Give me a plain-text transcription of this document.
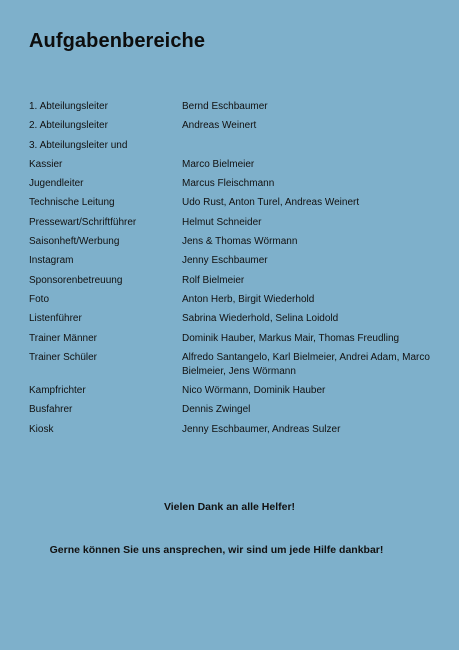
Aufgabenbereiche
1. Abteilungsleiter	Bernd Eschbaumer
2. Abteilungsleiter	Andreas Weinert
3. Abteilungsleiter und
Kassier	Marco Bielmeier
Jugendleiter	Marcus Fleischmann
Technische Leitung	Udo Rust, Anton Turel, Andreas Weinert
Pressewart/Schriftführer	Helmut Schneider
Saisonheft/Werbung	Jens & Thomas Wörmann
Instagram	Jenny Eschbaumer
Sponsorenbetreuung	Rolf Bielmeier
Foto	Anton Herb, Birgit Wiederhold
Listenführer	Sabrina Wiederhold, Selina Loidold
Trainer Männer	Dominik Hauber, Markus Mair, Thomas Freudling
Trainer Schüler	Alfredo Santangelo, Karl Bielmeier, Andrei Adam, Marco Bielmeier, Jens Wörmann
Kampfrichter	Nico Wörmann, Dominik Hauber
Busfahrer	Dennis Zwingel
Kiosk	Jenny Eschbaumer, Andreas Sulzer
Vielen Dank an alle Helfer!
Gerne können Sie uns ansprechen, wir sind um jede Hilfe dankbar!
